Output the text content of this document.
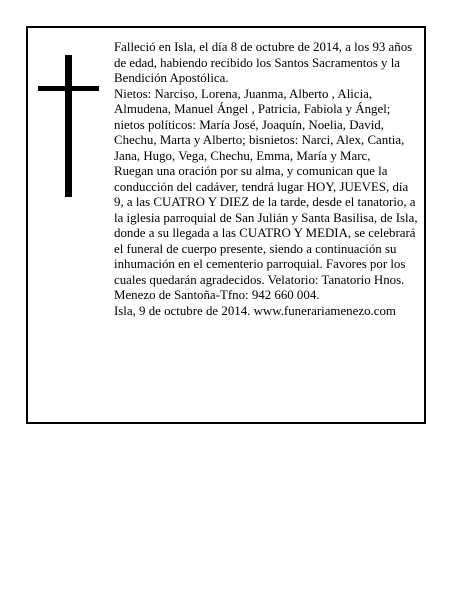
Falleció en Isla, el día 8 de octubre de 2014, a los 93 años de edad, habiendo recibido los Santos Sacramentos y la Bendición Apostólica.

Nietos: Narciso, Lorena, Juanma, Alberto , Alicia, Almudena, Manuel Ángel , Patricia, Fabiola y Ángel; nietos políticos: María José, Joaquín, Noelia, David, Chechu, Marta y Alberto; bisnietos: Narci, Alex, Cantia, Jana, Hugo, Vega, Chechu, Emma, María y Marc,

Ruegan una oración por su alma, y comunican que la conducción del cadáver, tendrá lugar HOY, JUEVES, día 9, a las CUATRO Y DIEZ de la tarde, desde el tanatorio, a la iglesia parroquial de San Julián y Santa Basilisa, de Isla, donde a su llegada a las CUATRO Y MEDIA, se celebrará el funeral de cuerpo presente, siendo a continuación su inhumación en el cementerio parroquial. Favores por los cuales quedarán agradecidos. Velatorio: Tanatorio Hnos. Menezo de Santoña-Tfno: 942 660 004.

Isla, 9 de octubre de 2014. www.funerariamenezo.com
